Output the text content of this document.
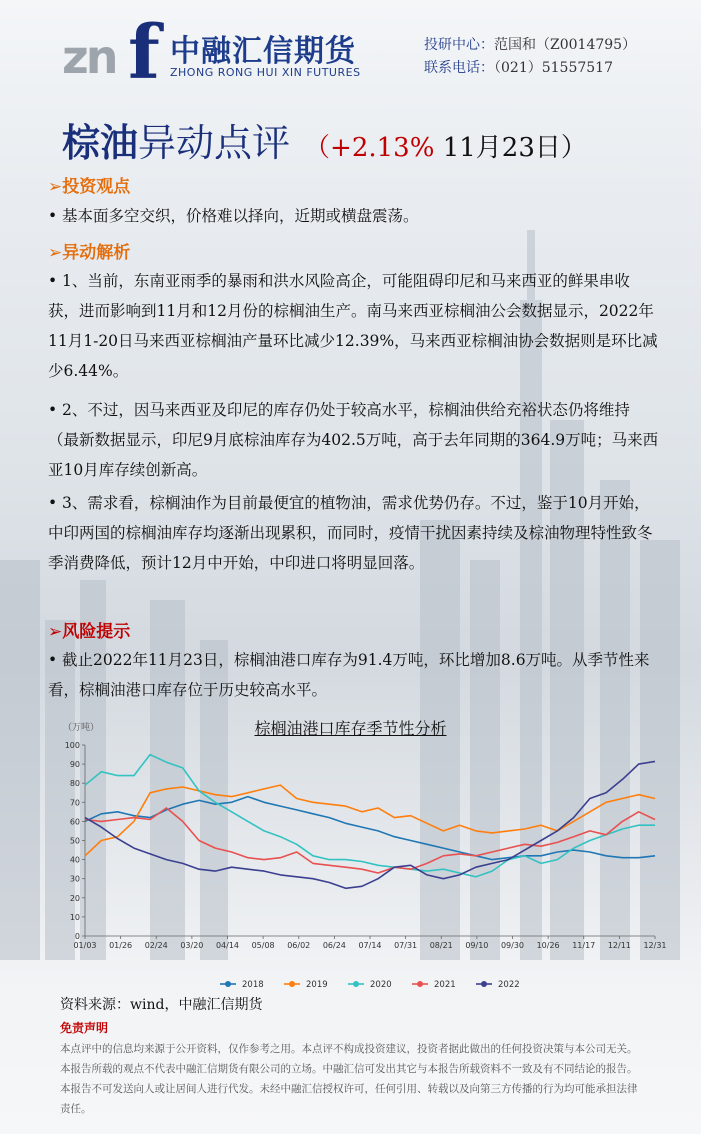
zn f 中融汇信期货
ZHONG RONG HUI XIN FUTURES
投研中心：范国和（Z0014795）
联系电话：（021）51557517
棕油异动点评 （+2.13% 11月23日）
➢投资观点
• 基本面多空交织，价格难以择向，近期或横盘震荡。
➢异动解析
• 1、当前，东南亚雨季的暴雨和洪水风险高企，可能阻碍印尼和马来西亚的鲜果串收获，进而影响到11月和12月份的棕榈油生产。南马来西亚棕榈油公会数据显示，2022年11月1-20日马来西亚棕榈油产量环比减少12.39%，马来西亚棕榈油协会数据则是环比减少6.44%。
• 2、不过，因马来西亚及印尼的库存仍处于较高水平，棕榈油供给充裕状态仍将维持（最新数据显示，印尼9月底棕油库存为402.5万吨，高于去年同期的364.9万吨；马来西亚10月库存续创新高。
• 3、需求看，棕榈油作为目前最便宜的植物油，需求优势仍存。不过，鉴于10月开始，中印两国的棕榈油库存均逐渐出现累积，而同时，疫情干扰因素持续及棕油物理特性致冬季消费降低，预计12月中开始，中印进口将明显回落。
➢风险提示
• 截止2022年11月23日，棕榈油港口库存为91.4万吨，环比增加8.6万吨。从季节性来看，棕榈油港口库存位于历史较高水平。
棕榈油港口库存季节性分析
（万吨）
0
10
20
30
40
50
60
70
80
90
100
01/03 01/26 02/24 03/20 04/14 05/08 06/02 06/24 07/14 07/31 08/21 09/10 09/30 10/26 11/17 12/11 12/31
2018	2019	2020	2021	2022
资料来源：wind，中融汇信期货
免责声明
本点评中的信息均来源于公开资料，仅作参考之用。本点评不构成投资建议，投资者据此做出的任何投资决策与本公司无关。本报告所载的观点不代表中融汇信期货有限公司的立场。中融汇信可发出其它与本报告所载资料不一致及有不同结论的报告。本报告不可发送向人或让居间人进行代发。未经中融汇信授权许可，任何引用、转载以及向第三方传播的行为均可能承担法律责任。
